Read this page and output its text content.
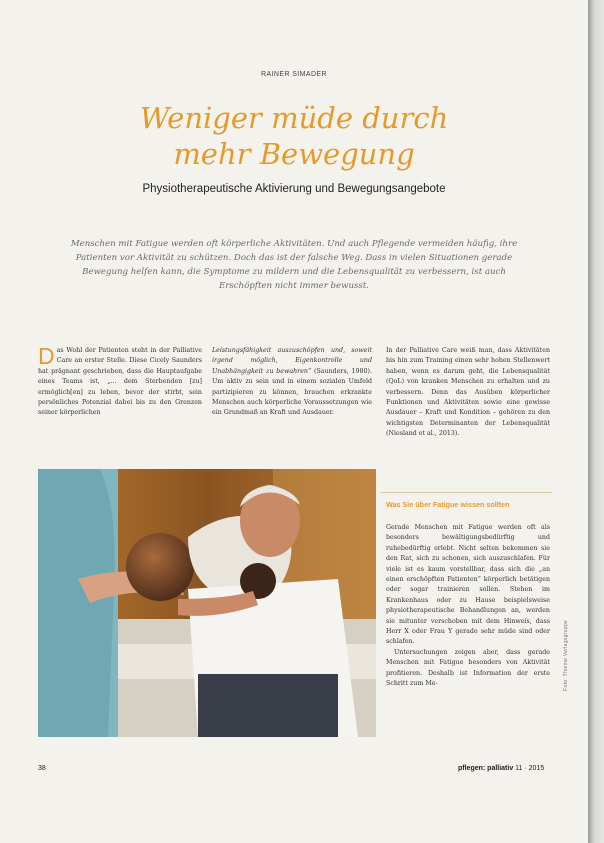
RAINER SIMADER
Weniger müde durch
mehr Bewegung
Physiotherapeutische Aktivierung und Bewegungsangebote
Menschen mit Fatigue werden oft körperliche Aktivitäten. Und auch Pflegende vermeiden häufig, ihre Patienten vor Aktivität zu schützen. Doch das ist der falsche Weg. Dass in vielen Situationen gerade Bewegung helfen kann, die Symptome zu mildern und die Lebensqualität zu verbessern, ist auch Erschöpften nicht immer bewusst.
Das Wohl der Patienten steht in der Palliative Care an erster Stelle. Diese Cicely Saunders hat prägnant geschrieben, dass die Hauptaufgabe eines Teams ist, „... dem Sterbenden [zu] ermöglich[en] zu leben, bevor der stirbt, sein persönliches Potenzial dabei bis zu den Grenzen seiner körperlichen
Leistungsfähigkeit auszuschöpfen und, soweit irgend möglich, Eigenkontrolle und Unabhängigkeit zu bewahren“ (Saunders, 1980). Um aktiv zu sein und in einem sozialen Umfeld partizipieren zu können, brauchen erkrankte Menschen auch körperliche Voraussetzungen wie ein Grundmaß an Kraft und Ausdauer.
In der Palliative Care weiß man, dass Aktivitäten bis hin zum Training einen sehr hohen Stellenwert haben, wenn es darum geht, die Lebensqualität (QoL) von kranken Menschen zu erhalten und zu verbessern. Denn das Ausüben körperlicher Funktionen und Aktivitäten sowie eine gewisse Ausdauer – Kraft und Kondition – gehören zu den wichtigsten Determinanten der Lebensqualität (Niesland et al., 2013).
Was Sie über Fatigue wissen sollten

Gerade Menschen mit Fatigue werden oft als besonders bewältigungsbedürftig und ruhebedürftig erlebt. Nicht selten bekommen sie den Rat, sich zu schonen, sich auszuschlafen. Für viele ist es kaum vorstellbar, dass sich die „an einen erschöpften Patienten“ körperlich betätigen oder sogar trainieren sollen. Stehen im Krankenhaus oder zu Hause beispielsweise physiotherapeutische Behandlungen an, werden sie mitunter verschoben mit dem Hinweis, dass Herr X oder Frau Y gerade sehr müde sind oder schlafen.

Untersuchungen zeigen aber, dass gerade Menschen mit Fatigue besonders von Aktivität profitieren. Deshalb ist Information der erste Schritt zum Me-	Foto: Thieme Verlagsgruppe
38	pflegen: palliativ 11 · 2015
